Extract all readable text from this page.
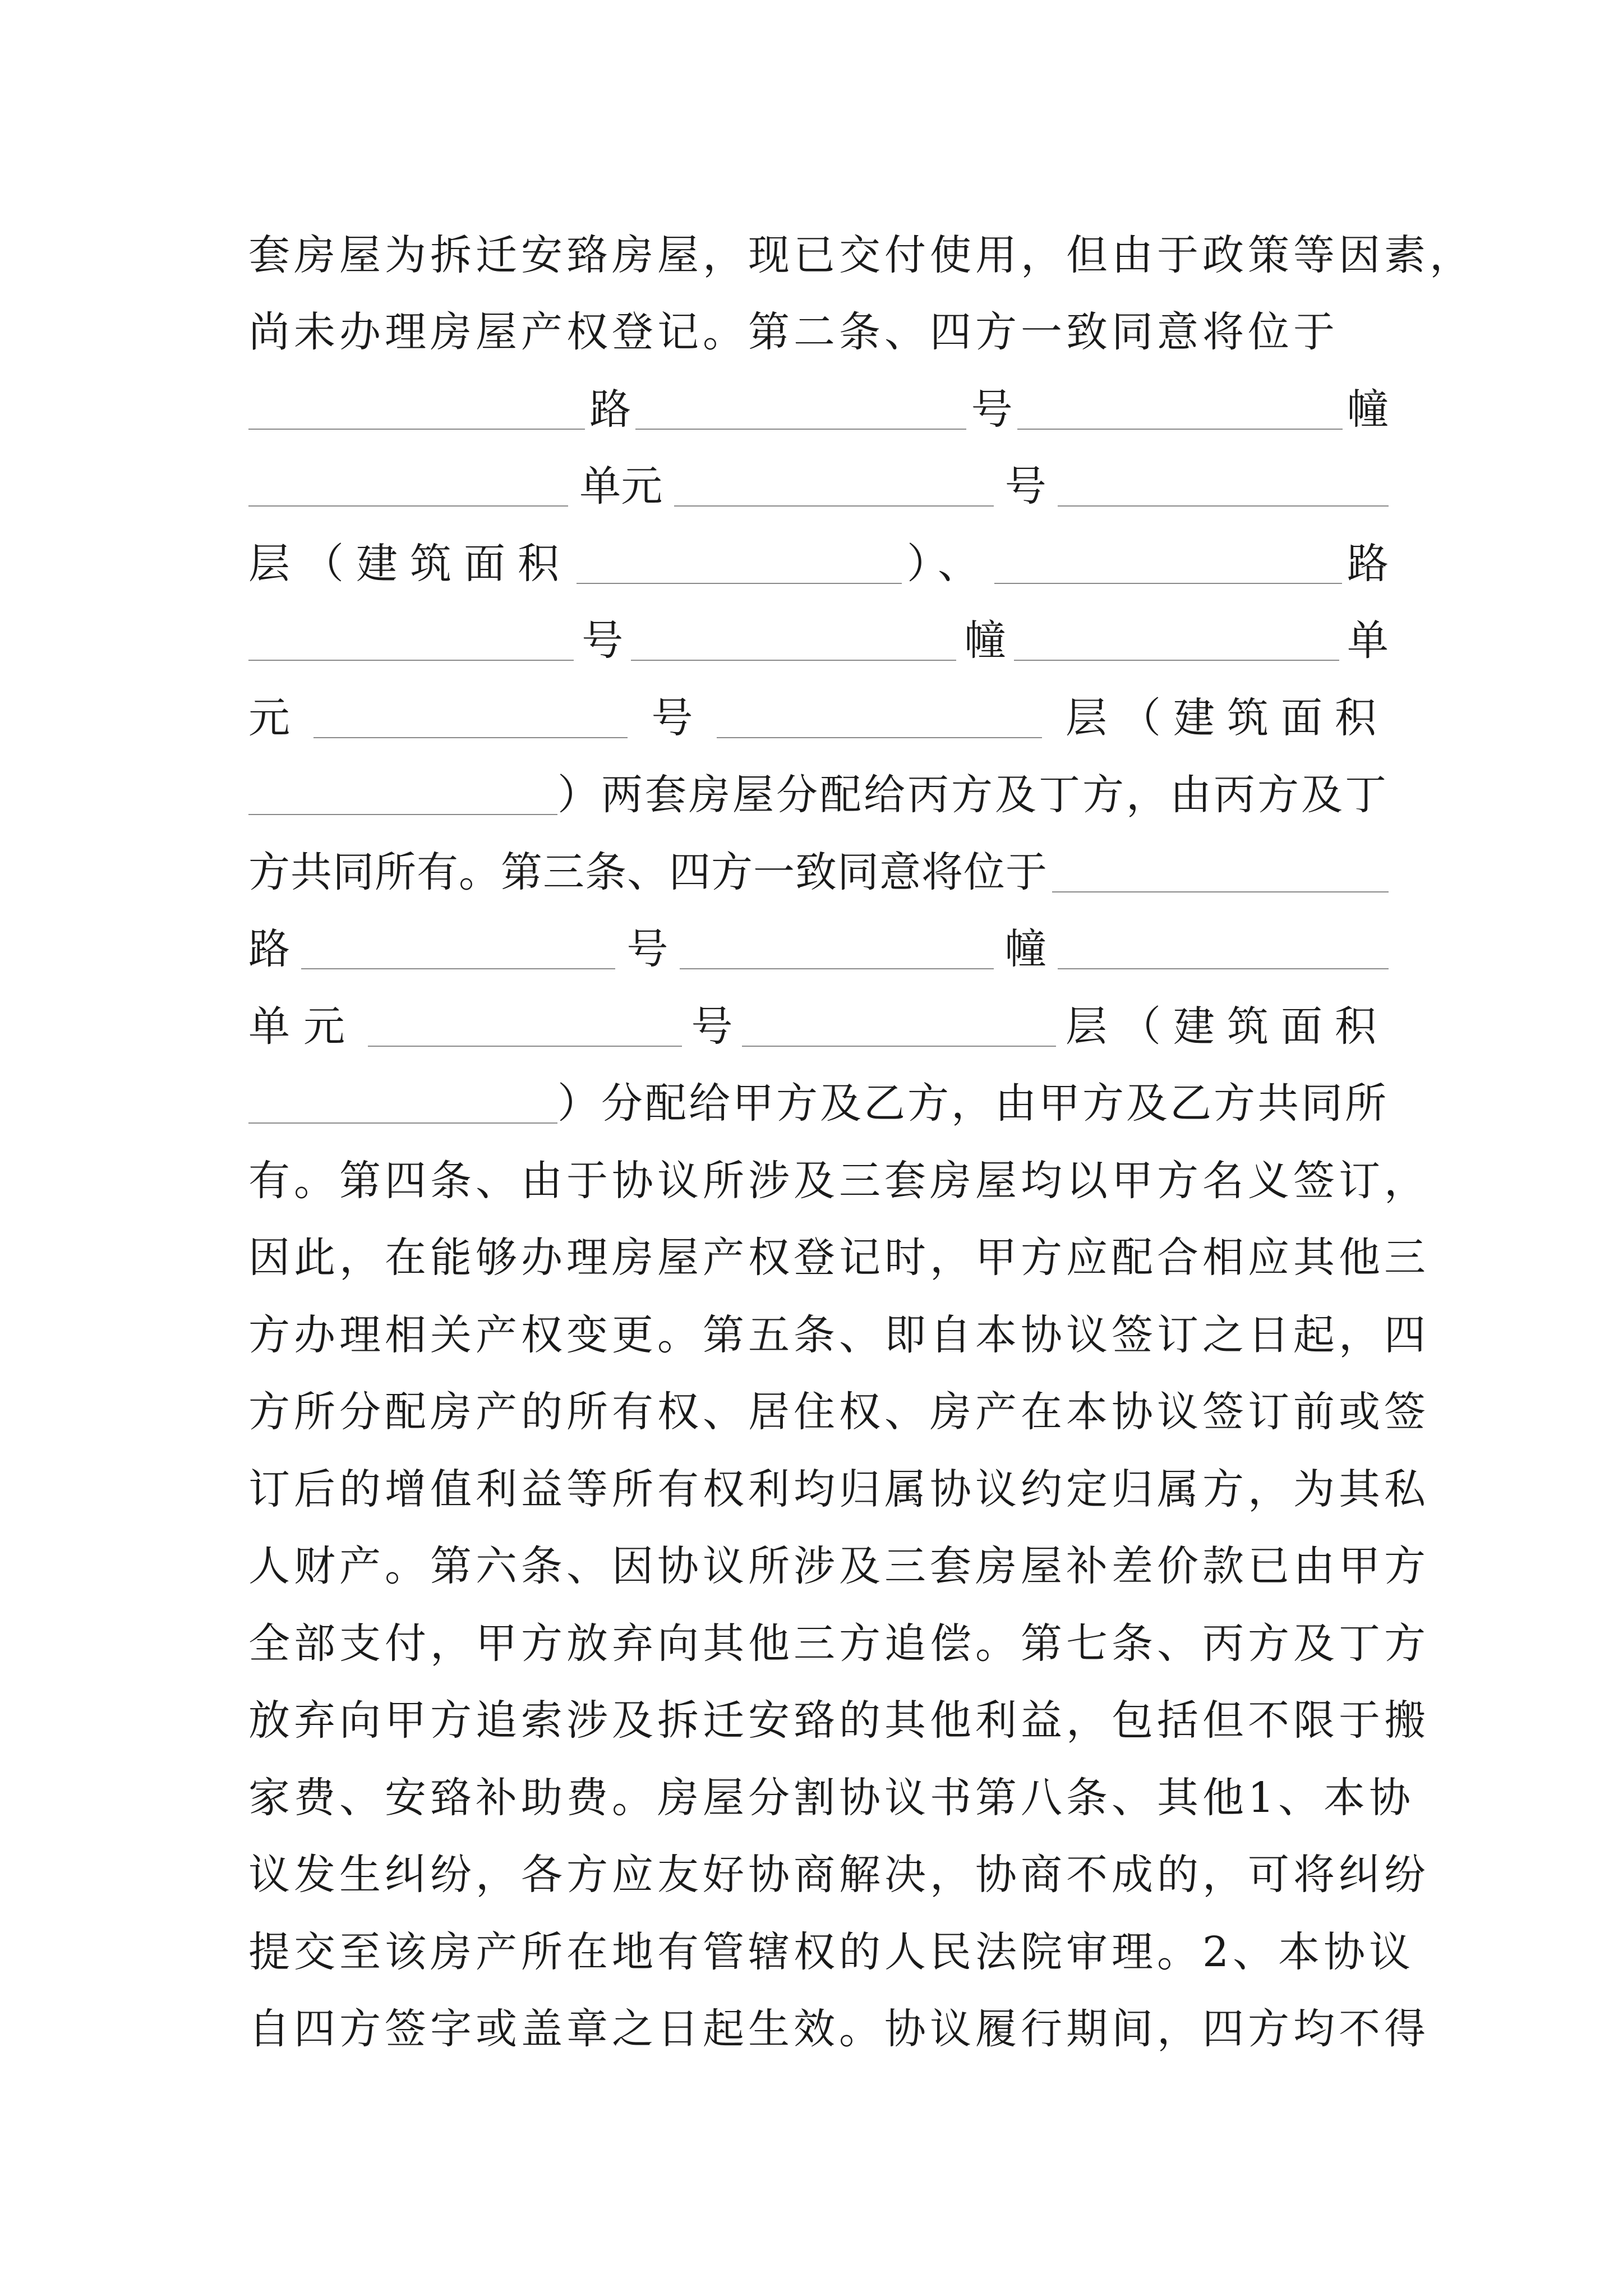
套房屋为拆迁安臵房屋，现已交付使用，但由于政策等因素，
尚未办理房屋产权登记。第二条、四方一致同意将位于
路	号	幢
单元	号
层（建筑面积	）、	路
号	幢	单
元	号	层（建筑面积
）两套房屋分配给丙方及丁方，由丙方及丁
方共同所有。第三条、四方一致同意将位于
路	号	幢
单元	号	层（建筑面积
）分配给甲方及乙方，由甲方及乙方共同所
有。第四条、由于协议所涉及三套房屋均以甲方名义签订，
因此，在能够办理房屋产权登记时，甲方应配合相应其他三
方办理相关产权变更。第五条、即自本协议签订之日起，四
方所分配房产的所有权、居住权、房产在本协议签订前或签
订后的增值利益等所有权利均归属协议约定归属方，为其私
人财产。第六条、因协议所涉及三套房屋补差价款已由甲方
全部支付，甲方放弃向其他三方追偿。第七条、丙方及丁方
放弃向甲方追索涉及拆迁安臵的其他利益，包括但不限于搬
家费、安臵补助费。房屋分割协议书第八条、其他1、本协
议发生纠纷，各方应友好协商解决，协商不成的，可将纠纷
提交至该房产所在地有管辖权的人民法院审理。2、本协议
自四方签字或盖章之日起生效。协议履行期间，四方均不得
